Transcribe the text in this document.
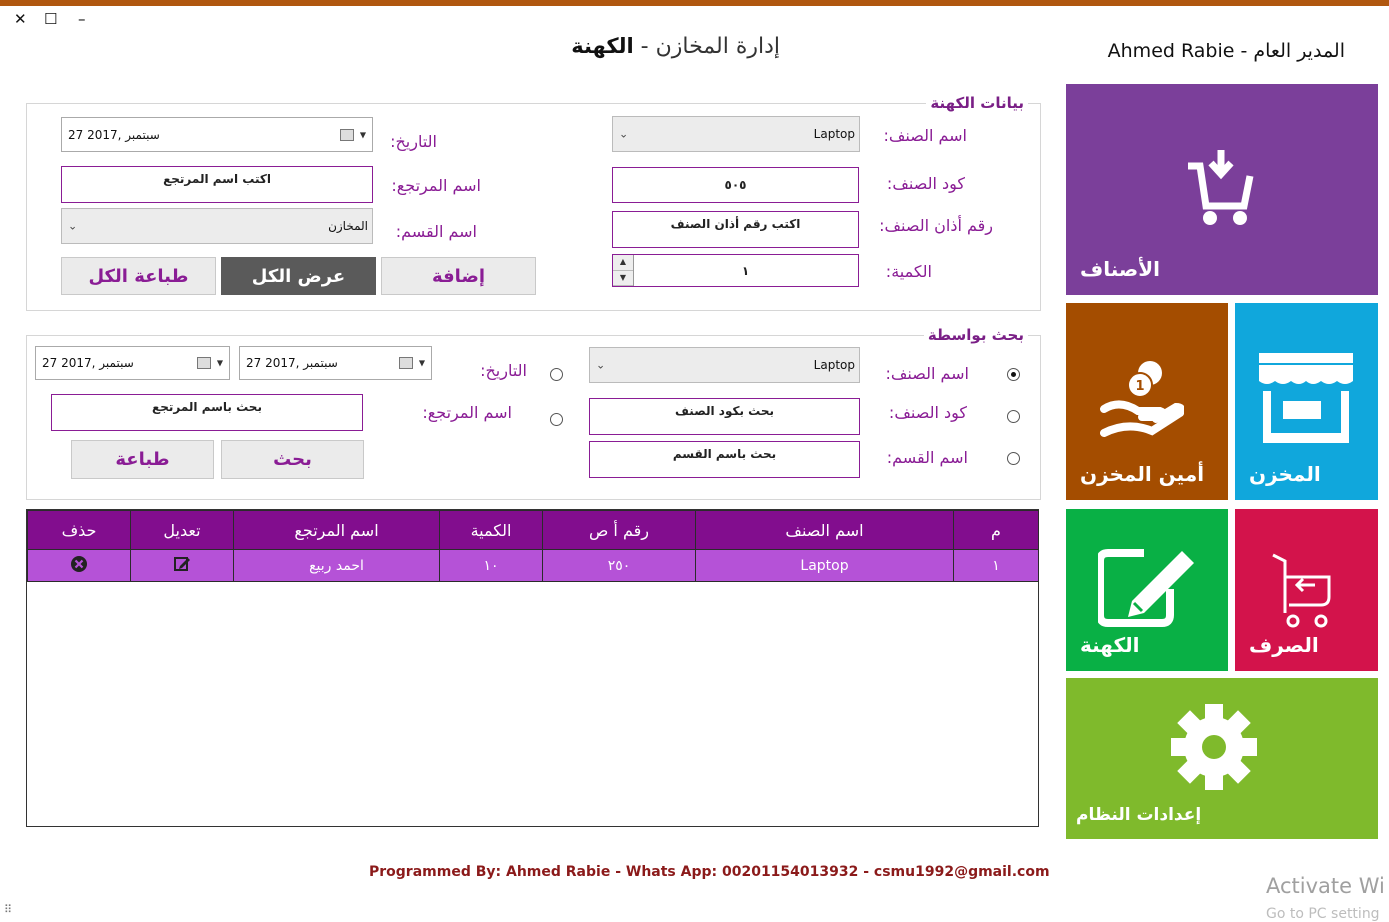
✕ ☐ –
إدارة المخازن - الكهنة	Ahmed Rabie - المدير العام
بيانات الكهنة
اسم الصنف:
⌄	Laptop
كود الصنف:
٥٠٥
رقم أذان الصنف:
اكتب رقم أذان الصنف
الكمية:
▲
▼	١
التاريخ:
27 سبتمبر ,2017	▼
اسم المرتجع:
اكتب اسم المرتجع
اسم القسم:
⌄	المخازن
إضافة
عرض الكل
طباعة الكل
بحث بواسطة
اسم الصنف:
⌄	Laptop
كود الصنف:
بحث بكود الصنف
اسم القسم:
بحث باسم القسم
التاريخ:
27 سبتمبر ,2017	▼
27 سبتمبر ,2017	▼
اسم المرتجع:
بحث باسم المرتجع
بحث
طباعة
م	اسم الصنف	رقم أ ص	الكمية	اسم المرتجع	تعديل	حذف
١	Laptop	٢٥٠	١٠	احمد ربيع		
الأصناف
1
أمين المخزن المخزن
الكهنة	الصرف
إعدادات النظام
Programmed By: Ahmed Rabie - Whats App: 00201154013932 - csmu1992@gmail.com
Activate Wi
Go to PC setting
⠿
